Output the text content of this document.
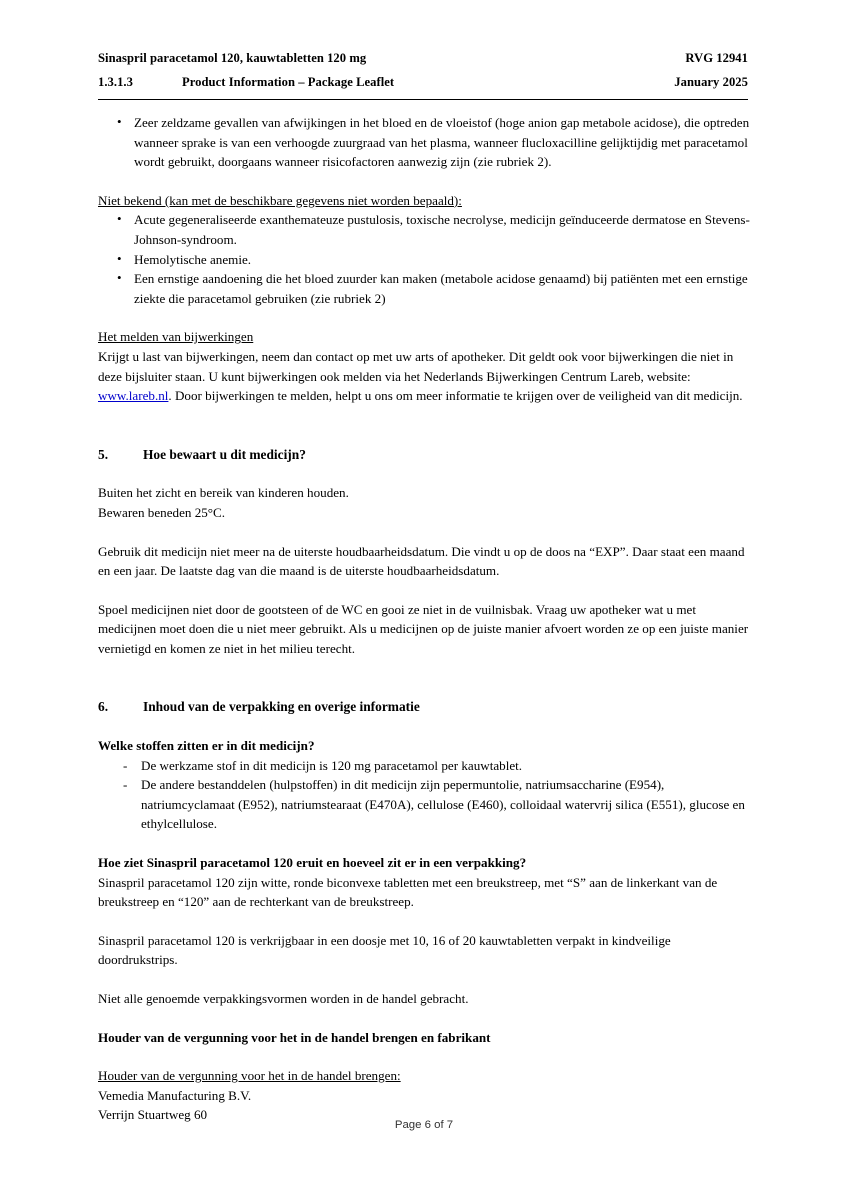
Sinaspril paracetamol 120, kauwtabletten 120 mg	RVG 12941
1.3.1.3	Product Information – Package Leaflet	January 2025
• Zeer zeldzame gevallen van afwijkingen in het bloed en de vloeistof (hoge anion gap metabole acidose), die optreden wanneer sprake is van een verhoogde zuurgraad van het plasma, wanneer flucloxacilline gelijktijdig met paracetamol wordt gebruikt, doorgaans wanneer risicofactoren aanwezig zijn (zie rubriek 2).

Niet bekend (kan met de beschikbare gegevens niet worden bepaald):

• Acute gegeneraliseerde exanthemateuze pustulosis, toxische necrolyse, medicijn geïnduceerde dermatose en Stevens-Johnson-syndroom.
• Hemolytische anemie.
• Een ernstige aandoening die het bloed zuurder kan maken (metabole acidose genaamd) bij patiënten met een ernstige ziekte die paracetamol gebruiken (zie rubriek 2)

Het melden van bijwerkingen

Krijgt u last van bijwerkingen, neem dan contact op met uw arts of apotheker. Dit geldt ook voor bijwerkingen die niet in deze bijsluiter staan. U kunt bijwerkingen ook melden via het Nederlands Bijwerkingen Centrum Lareb, website: www.lareb.nl. Door bijwerkingen te melden, helpt u ons om meer informatie te krijgen over de veiligheid van dit medicijn.

5.	Hoe bewaart u dit medicijn?

Buiten het zicht en bereik van kinderen houden.

Bewaren beneden 25°C.

Gebruik dit medicijn niet meer na de uiterste houdbaarheidsdatum. Die vindt u op de doos na “EXP”. Daar staat een maand en een jaar. De laatste dag van die maand is de uiterste houdbaarheidsdatum.

Spoel medicijnen niet door de gootsteen of de WC en gooi ze niet in de vuilnisbak. Vraag uw apotheker wat u met medicijnen moet doen die u niet meer gebruikt. Als u medicijnen op de juiste manier afvoert worden ze op een juiste manier vernietigd en komen ze niet in het milieu terecht.

6.	Inhoud van de verpakking en overige informatie

Welke stoffen zitten er in dit medicijn?

- De werkzame stof in dit medicijn is 120 mg paracetamol per kauwtablet.
- De andere bestanddelen (hulpstoffen) in dit medicijn zijn pepermuntolie, natriumsaccharine (E954), natriumcyclamaat (E952), natriumstearaat (E470A), cellulose (E460), colloidaal watervrij silica (E551), glucose en ethylcellulose.

Hoe ziet Sinaspril paracetamol 120 eruit en hoeveel zit er in een verpakking?

Sinaspril paracetamol 120 zijn witte, ronde biconvexe tabletten met een breukstreep, met “S” aan de linkerkant van de breukstreep en “120” aan de rechterkant van de breukstreep.

Sinaspril paracetamol 120 is verkrijgbaar in een doosje met 10, 16 of 20 kauwtabletten verpakt in kindveilige doordrukstrips.

Niet alle genoemde verpakkingsvormen worden in de handel gebracht.

Houder van de vergunning voor het in de handel brengen en fabrikant

Houder van de vergunning voor het in de handel brengen:

Vemedia Manufacturing B.V.

Verrijn Stuartweg 60

Page 6 of 7
